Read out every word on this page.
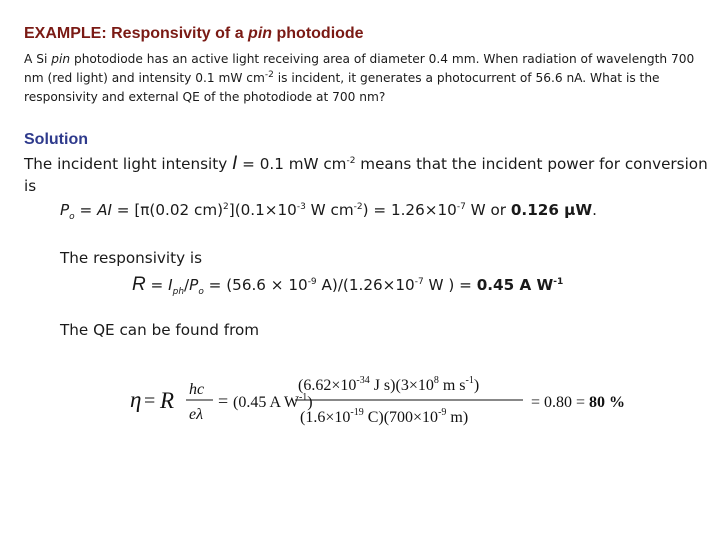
EXAMPLE: Responsivity of a pin photodiode
A Si pin photodiode has an active light receiving area of diameter 0.4 mm. When radiation of wavelength 700 nm (red light) and intensity 0.1 mW $cm^{-2}$ is incident, it generates a photocurrent of 56.6 nA. What is the responsivity and external QE of the photodiode at 700 nm?
Solution
The incident light intensity I = 0.1 mW $cm^{-2}$ means that the incident power for conversion is
$P_o$ = AI = [π(0.02 $cm)^2](0.1\times 10^{-3}$ W $cm^{-2}) = 1.26\times 10^{-7}$ W or 0.126 μW.
The responsivity is
$R = I_{ph}/P_o = (56.6 \times 10^{-9}$ $A)/(1.26\times 10^{-7}$ W ) = 0.45 A $W^{-1}$
The QE can be found from
η = R hc
eλ
= (0.45 A $W^{-1}$)
($6.62\times 10^{-34}$ J $s)(3\times 10^8$ m $s^{-1}$)
($1.6\times 10^{-19}$ $C)(700\times 10^{-9}$ m)
= 0.80 = 80 %
